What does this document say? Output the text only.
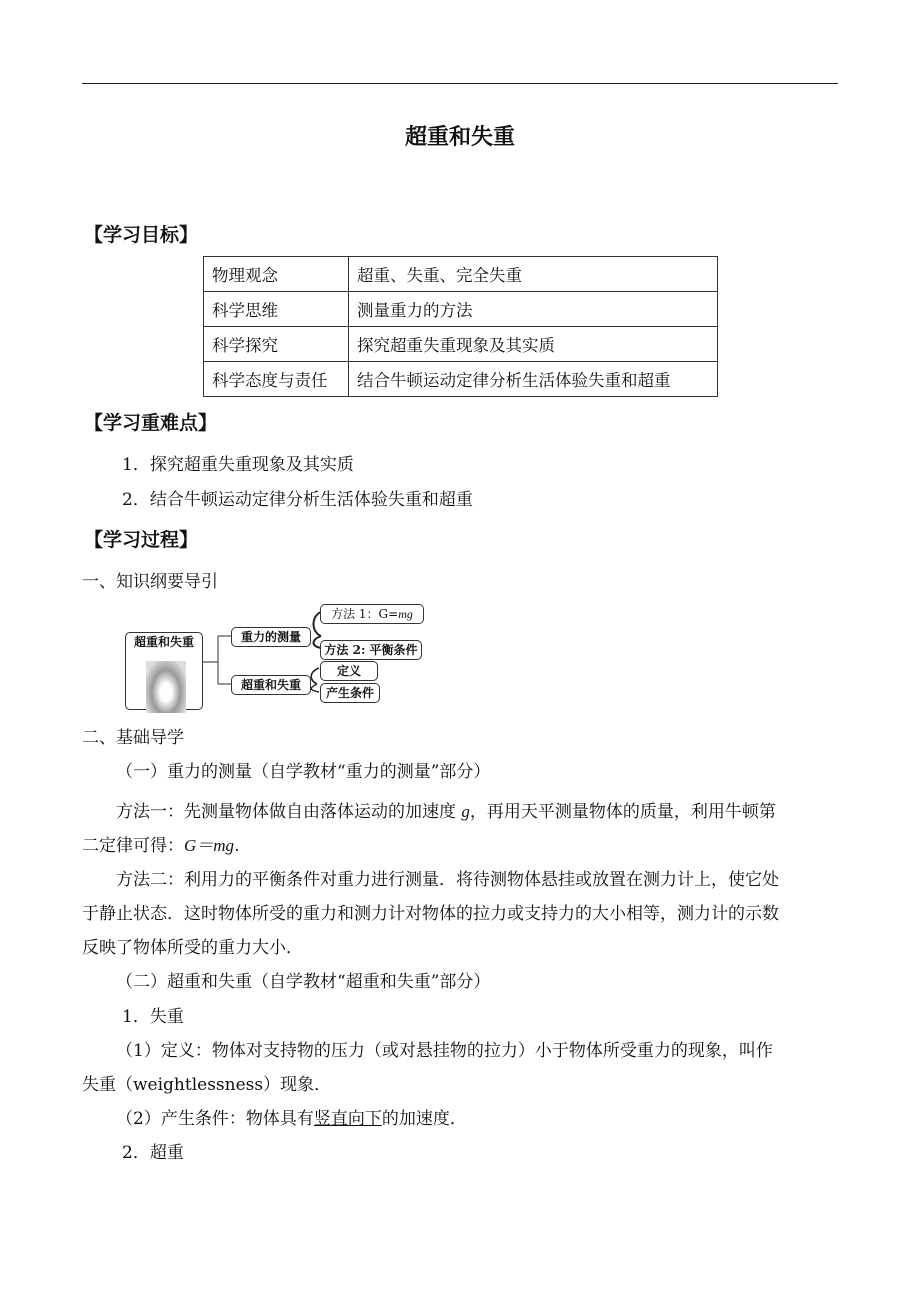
超重和失重
【学习目标】
物理观念	超重、失重、完全失重
科学思维	测量重力的方法
科学探究	探究超重失重现象及其实质
科学态度与责任	结合牛顿运动定律分析生活体验失重和超重
【学习重难点】
1．探究超重失重现象及其实质
2．结合牛顿运动定律分析生活体验失重和超重
【学习过程】
一、知识纲要导引
超重和失重	重力的测量
方法 1：G=mg
方法 2: 平衡条件
超重和失重
定义
产生条件
二、基础导学
（一）重力的测量（自学教材“重力的测量”部分）
方法一：先测量物体做自由落体运动的加速度 g，再用天平测量物体的质量，利用牛顿第
二定律可得：G＝mg.
方法二：利用力的平衡条件对重力进行测量．将待测物体悬挂或放置在测力计上，使它处
于静止状态．这时物体所受的重力和测力计对物体的拉力或支持力的大小相等，测力计的示数
反映了物体所受的重力大小．
（二）超重和失重（自学教材“超重和失重”部分）
1．失重
（1）定义：物体对支持物的压力（或对悬挂物的拉力）小于物体所受重力的现象，叫作
失重（weightlessness）现象．
（2）产生条件：物体具有竖直向下的加速度．
2．超重
